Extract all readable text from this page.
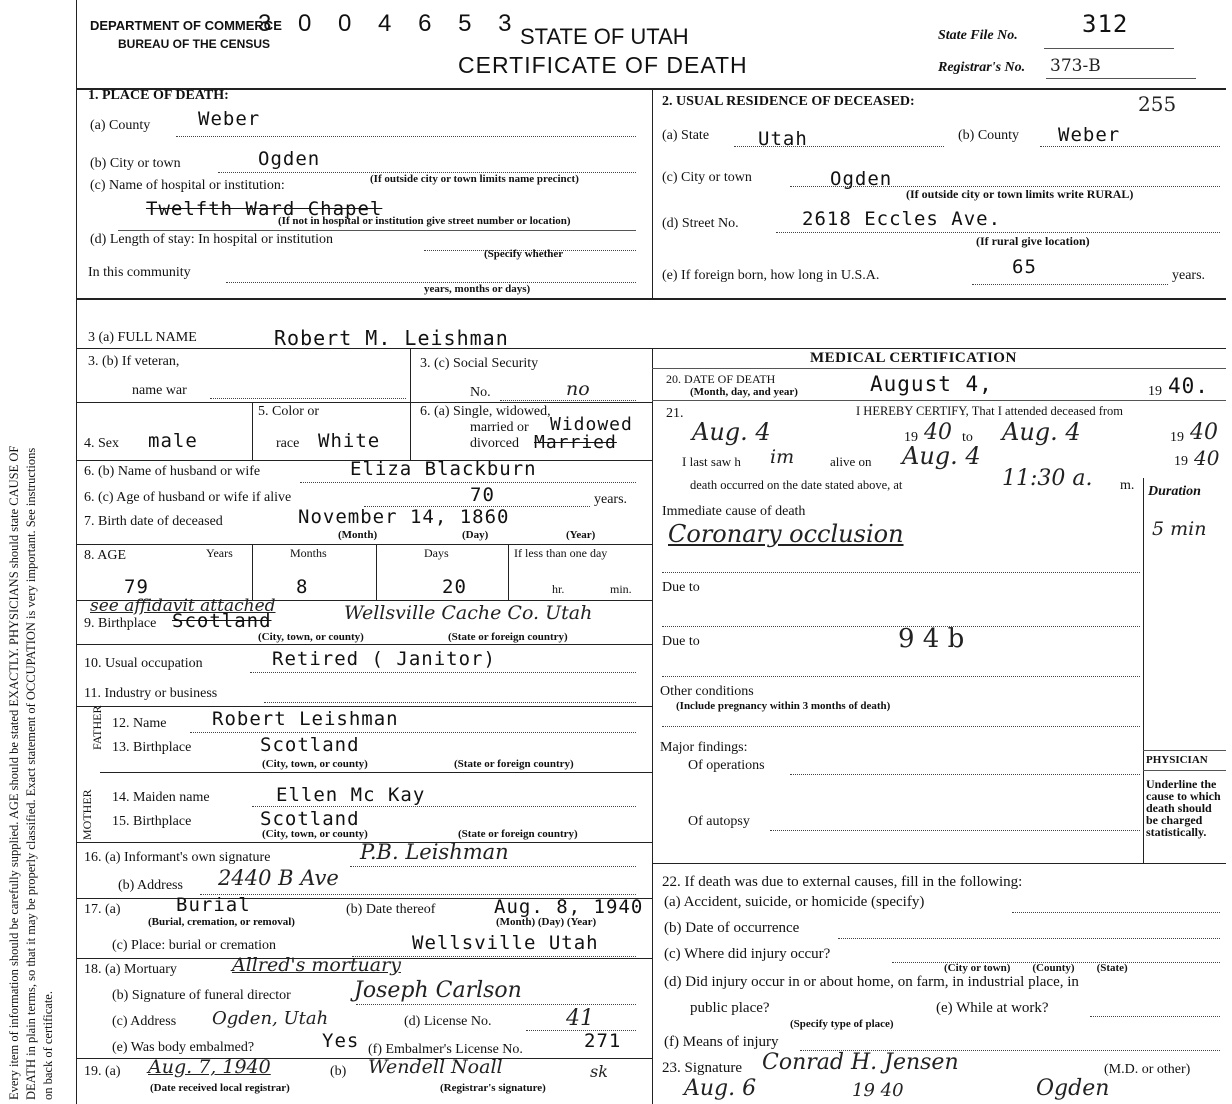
Every item of information should be carefully supplied. AGE should be stated EXACTLY. PHYSICIANS should state CAUSE OF DEATH in plain terms, so that it may be properly classified. Exact statement of OCCUPATION is very important. See instructions on back of certificate.
DEPARTMENT OF COMMERCE
BUREAU OF THE CENSUS
3 0 0 4 6 5 3
STATE OF UTAH
CERTIFICATE OF DEATH
State File No.	312
Registrar's No. 373-B
1. PLACE OF DEATH:
(a) County	Weber
(b) City or town	Ogden
(c) Name of hospital or institution:	(If outside city or town limits name precinct)
Twelfth Ward Chapel
(If not in hospital or institution give street number or location)
(d) Length of stay: In hospital or institution
(Specify whether
In this community
years, months or days)
2. USUAL RESIDENCE OF DECEASED:	255
(a) State	Utah	(b) County Weber
(c) City or town	Ogden
(If outside city or town limits write RURAL)
(d) Street No.	2618 Eccles Ave.
(If rural give location)
(e) If foreign born, how long in U.S.A.	65	years.
3 (a) FULL NAME	Robert M. Leishman
3. (b) If veteran,
name war
3. (c) Social Security
No.	no
4. Sex male
5. Color or
race White
6. (a) Single, widowed,
married or
divorced
Widowed
Married
6. (b) Name of husband or wife	Eliza Blackburn
6. (c) Age of husband or wife if alive	70	years.
7. Birth date of deceased	November 14, 1860
(Month)	(Day)	(Year)
8. AGE	Years	Months	Days	If less than one day
79	8	20	hr.	min.
see affidavit attached
9. Birthplace Scotland	Wellsville Cache Co. Utah
(City, town, or county)	(State or foreign country)
10. Usual occupation	Retired ( Janitor)
11. Industry or business
FATHER
MOTHER
12. Name Robert Leishman
13. Birthplace	Scotland
(City, town, or county)	(State or foreign country)
14. Maiden name	Ellen Mc Kay
15. Birthplace	Scotland
(City, town, or county)	(State or foreign country)
16. (a) Informant's own signature	P.B. Leishman
(b) Address 2440 B Ave
17. (a)	Burial
(Burial, cremation, or removal)
(b) Date thereof	Aug. 8, 1940
(Month) (Day) (Year)
(c) Place: burial or cremation	Wellsville Utah
18. (a) Mortuary	Allred's mortuary
(b) Signature of funeral director	Joseph Carlson
(c) Address Ogden, Utah	(d) License No.	41
(e) Was body embalmed?	Yes (f) Embalmer's License No.	271
19. (a) Aug. 7, 1940
(Date received local registrar)
(b) Wendell Noall	sk
(Registrar's signature)
MEDICAL CERTIFICATION
20. DATE OF DEATH
(Month, day, and year)	August 4,	19 40.
21.	I HEREBY CERTIFY, That I attended deceased from
Aug. 4	19 40 to Aug. 4	19 40
I last saw h im	alive on Aug. 4	19 40
death occurred on the date stated above, at	11:30 a. m. Duration
Immediate cause of death
Coronary occlusion	5 min
Due to
Due to	9 4 b
Other conditions
(Include pregnancy within 3 months of death)
Major findings:
Of operations
Of autopsy
PHYSICIAN
Underline the cause to which death should be charged statistically.
22. If death was due to external causes, fill in the following:
(a) Accident, suicide, or homicide (specify)
(b) Date of occurrence
(c) Where did injury occur?
(City or town)        (County)        (State)
(d) Did injury occur in or about home, on farm, in industrial place, in
public place?
(Specify type of place)
(e) While at work?
(f) Means of injury
23. Signature Conrad H. Jensen	(M.D. or other)
Aug. 6	19 40	Ogden
